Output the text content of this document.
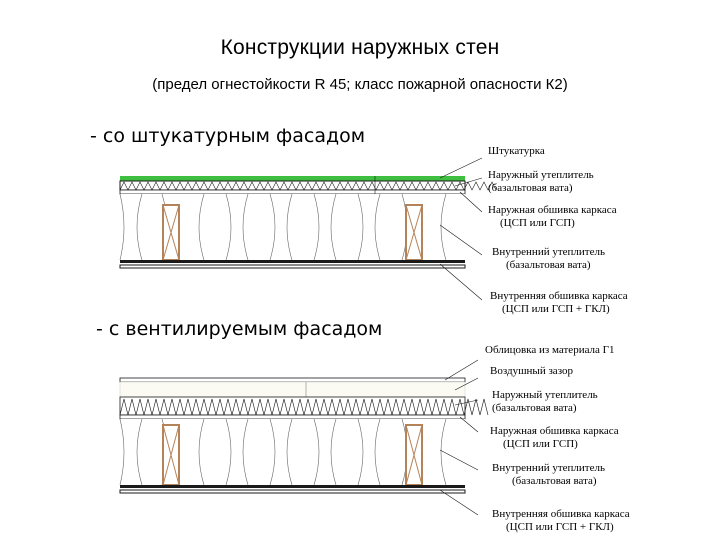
Конструкции наружных стен
(предел огнестойкости R 45; класс пожарной опасности К2)
- со штукатурным фасадом
- с вентилируемым фасадом
Штукатурка
Наружный утеплитель
(базальтовая вата)
Наружная обшивка каркаса
(ЦСП или ГСП)
Внутренний утеплитель
(базальтовая вата)
Внутренняя обшивка каркаса
(ЦСП или ГСП + ГКЛ)
Облицовка из материала Г1
Воздушный зазор
Наружный утеплитель
(базальтовая вата)
Наружная обшивка каркаса
(ЦСП или ГСП)
Внутренний утеплитель
(базальтовая вата)
Внутренняя обшивка каркаса
(ЦСП или ГСП + ГКЛ)
